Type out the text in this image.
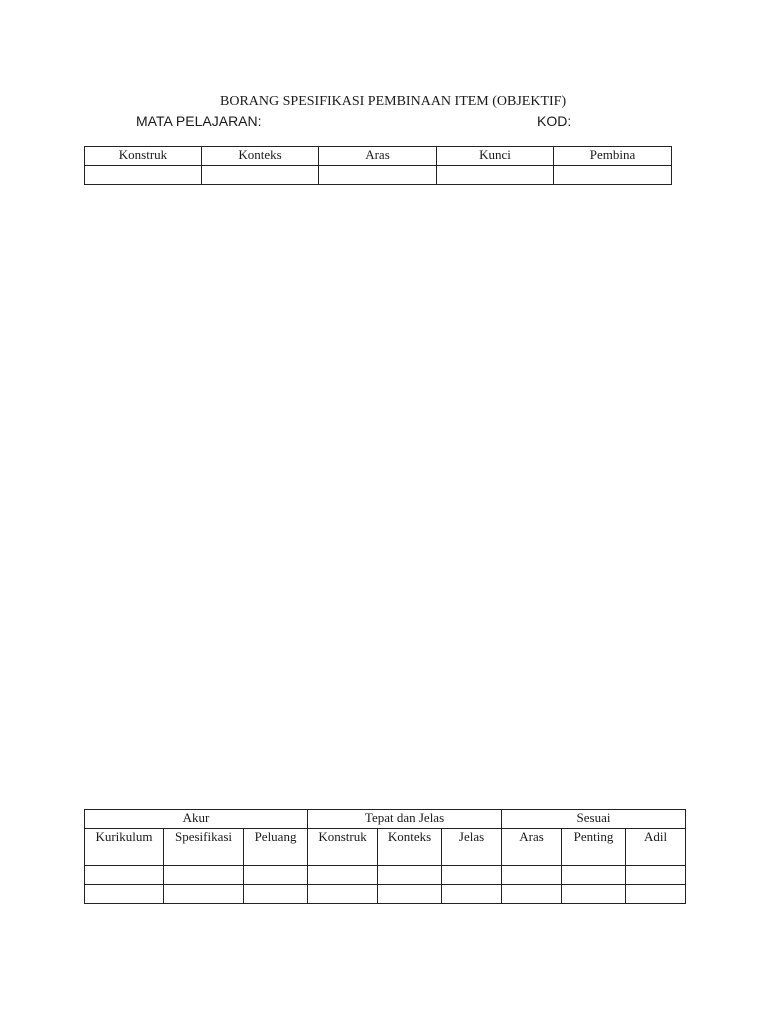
BORANG SPESIFIKASI PEMBINAAN ITEM (OBJEKTIF)
MATA PELAJARAN:	KOD:
Konstruk	Konteks	Aras	Kunci	Pembina

Akur			Tepat dan Jelas			Sesuai		
Kurikulum	Spesifikasi	Peluang	Konstruk	Konteks	Jelas	Aras	Penting	Adil
